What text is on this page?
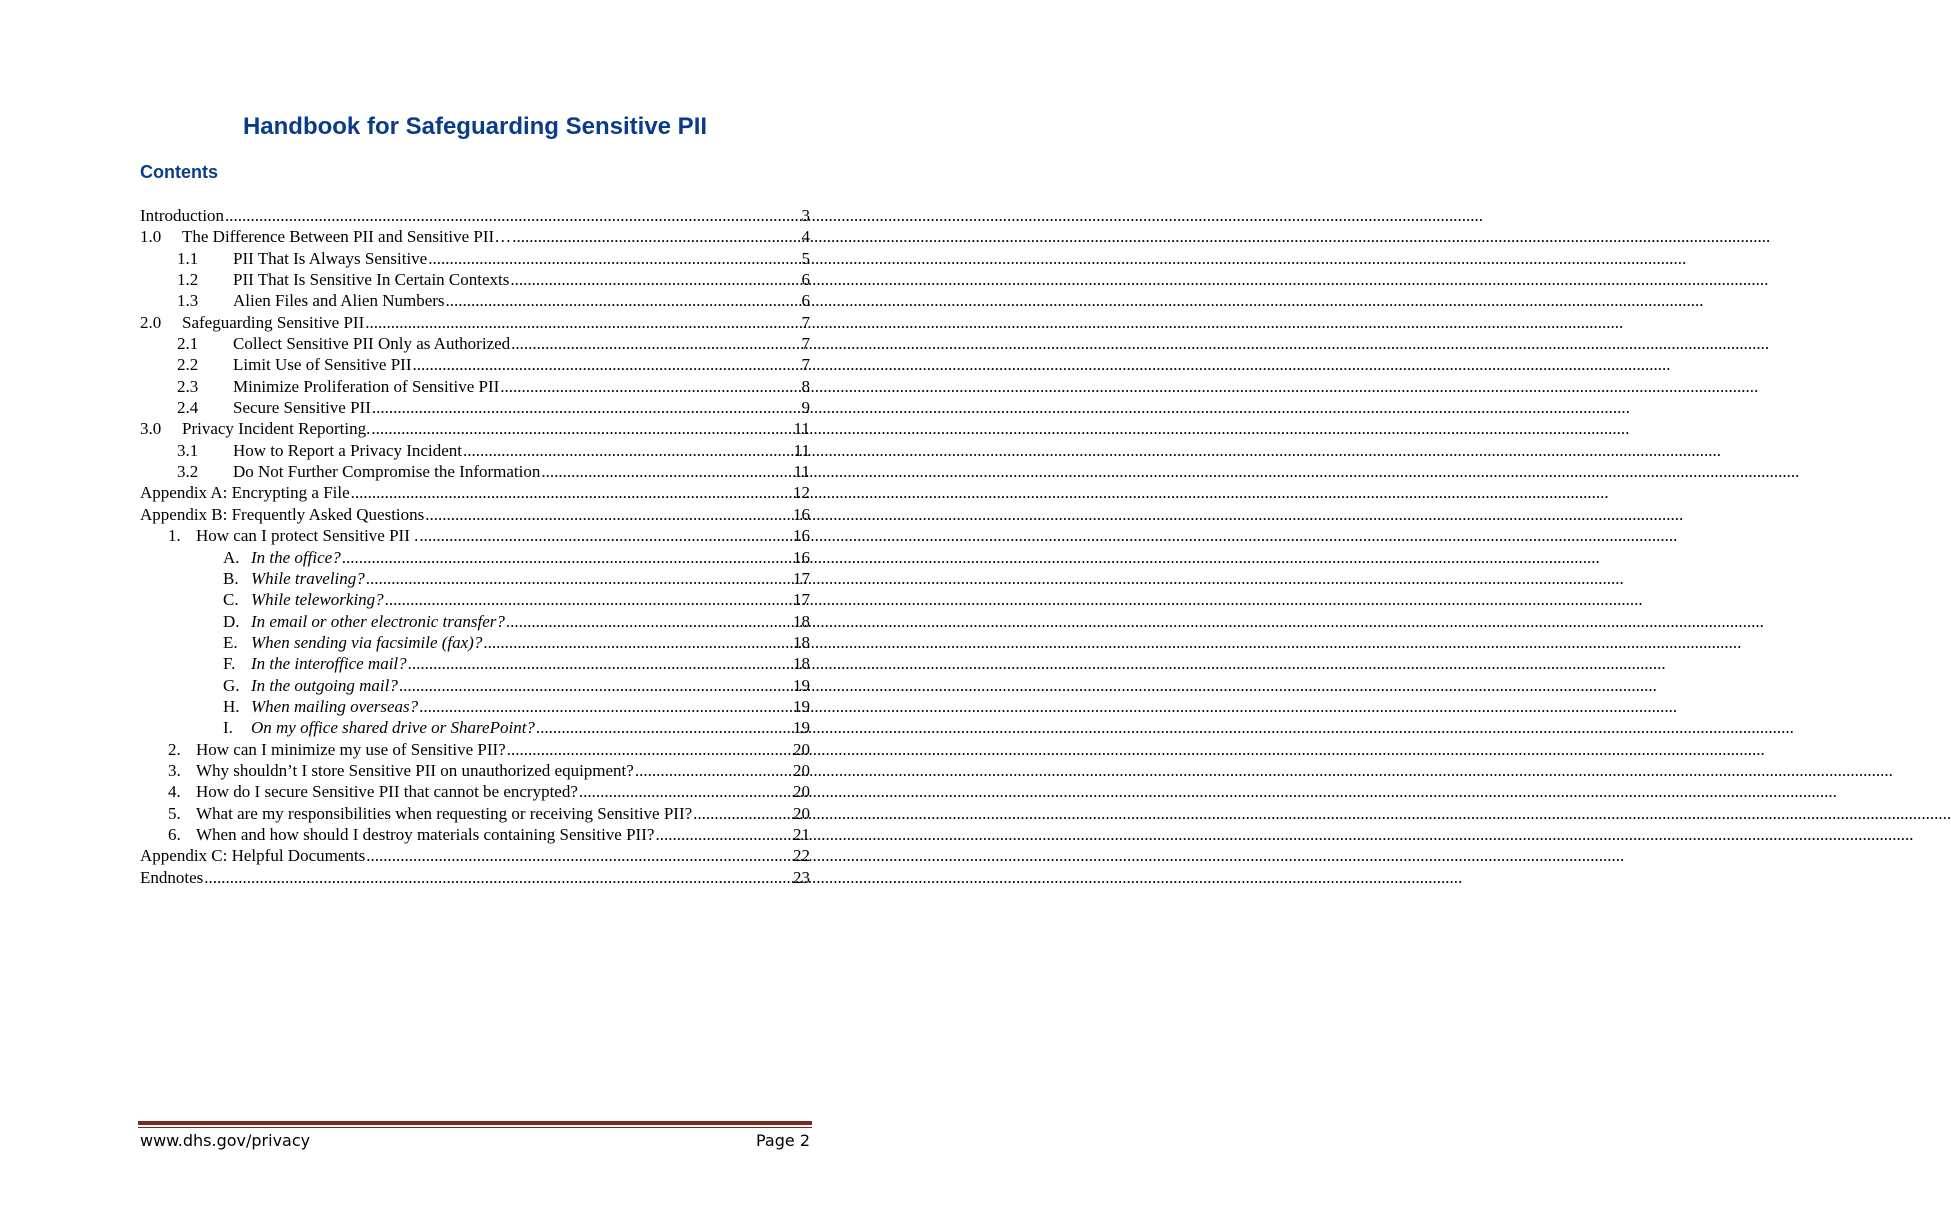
Handbook for Safeguarding Sensitive PII
Contents
Introduction .....	3
1.0	The Difference Between PII and Sensitive PII… .....	4
1.1	PII That Is Always Sensitive .....	5
1.2	PII That Is Sensitive In Certain Contexts .....	6
1.3	Alien Files and Alien Numbers .....	6
2.0	Safeguarding Sensitive PII .....	7
2.1	Collect Sensitive PII Only as Authorized .....	7
2.2	Limit Use of Sensitive PII .....	7
2.3	Minimize Proliferation of Sensitive PII .....	8
2.4	Secure Sensitive PII .....	9
3.0	Privacy Incident Reporting. .....	11
3.1	How to Report a Privacy Incident .....	11
3.2	Do Not Further Compromise the Information .....	11
Appendix A: Encrypting a File .....	12
Appendix B: Frequently Asked Questions .....	16
1. How can I protect Sensitive PII . .....	16
A. In the office? .....	16
B. While traveling? .....	17
C. While teleworking? .....	17
D. In email or other electronic transfer? .....	18
E. When sending via facsimile (fax)? .....	18
F. In the interoffice mail? .....	18
G. In the outgoing mail? .....	19
H. When mailing overseas? .....	19
I.	On my office shared drive or SharePoint? .....	19
2. How can I minimize my use of Sensitive PII? .....	20
3. Why shouldn’t I store Sensitive PII on unauthorized equipment? .....	20
4. How do I secure Sensitive PII that cannot be encrypted? .....	20
5. What are my responsibilities when requesting or receiving Sensitive PII? .....	20
6. When and how should I destroy materials containing Sensitive PII? .....	21
Appendix C: Helpful Documents .....	22
Endnotes .....	23
www.dhs.gov/privacy	Page 2
